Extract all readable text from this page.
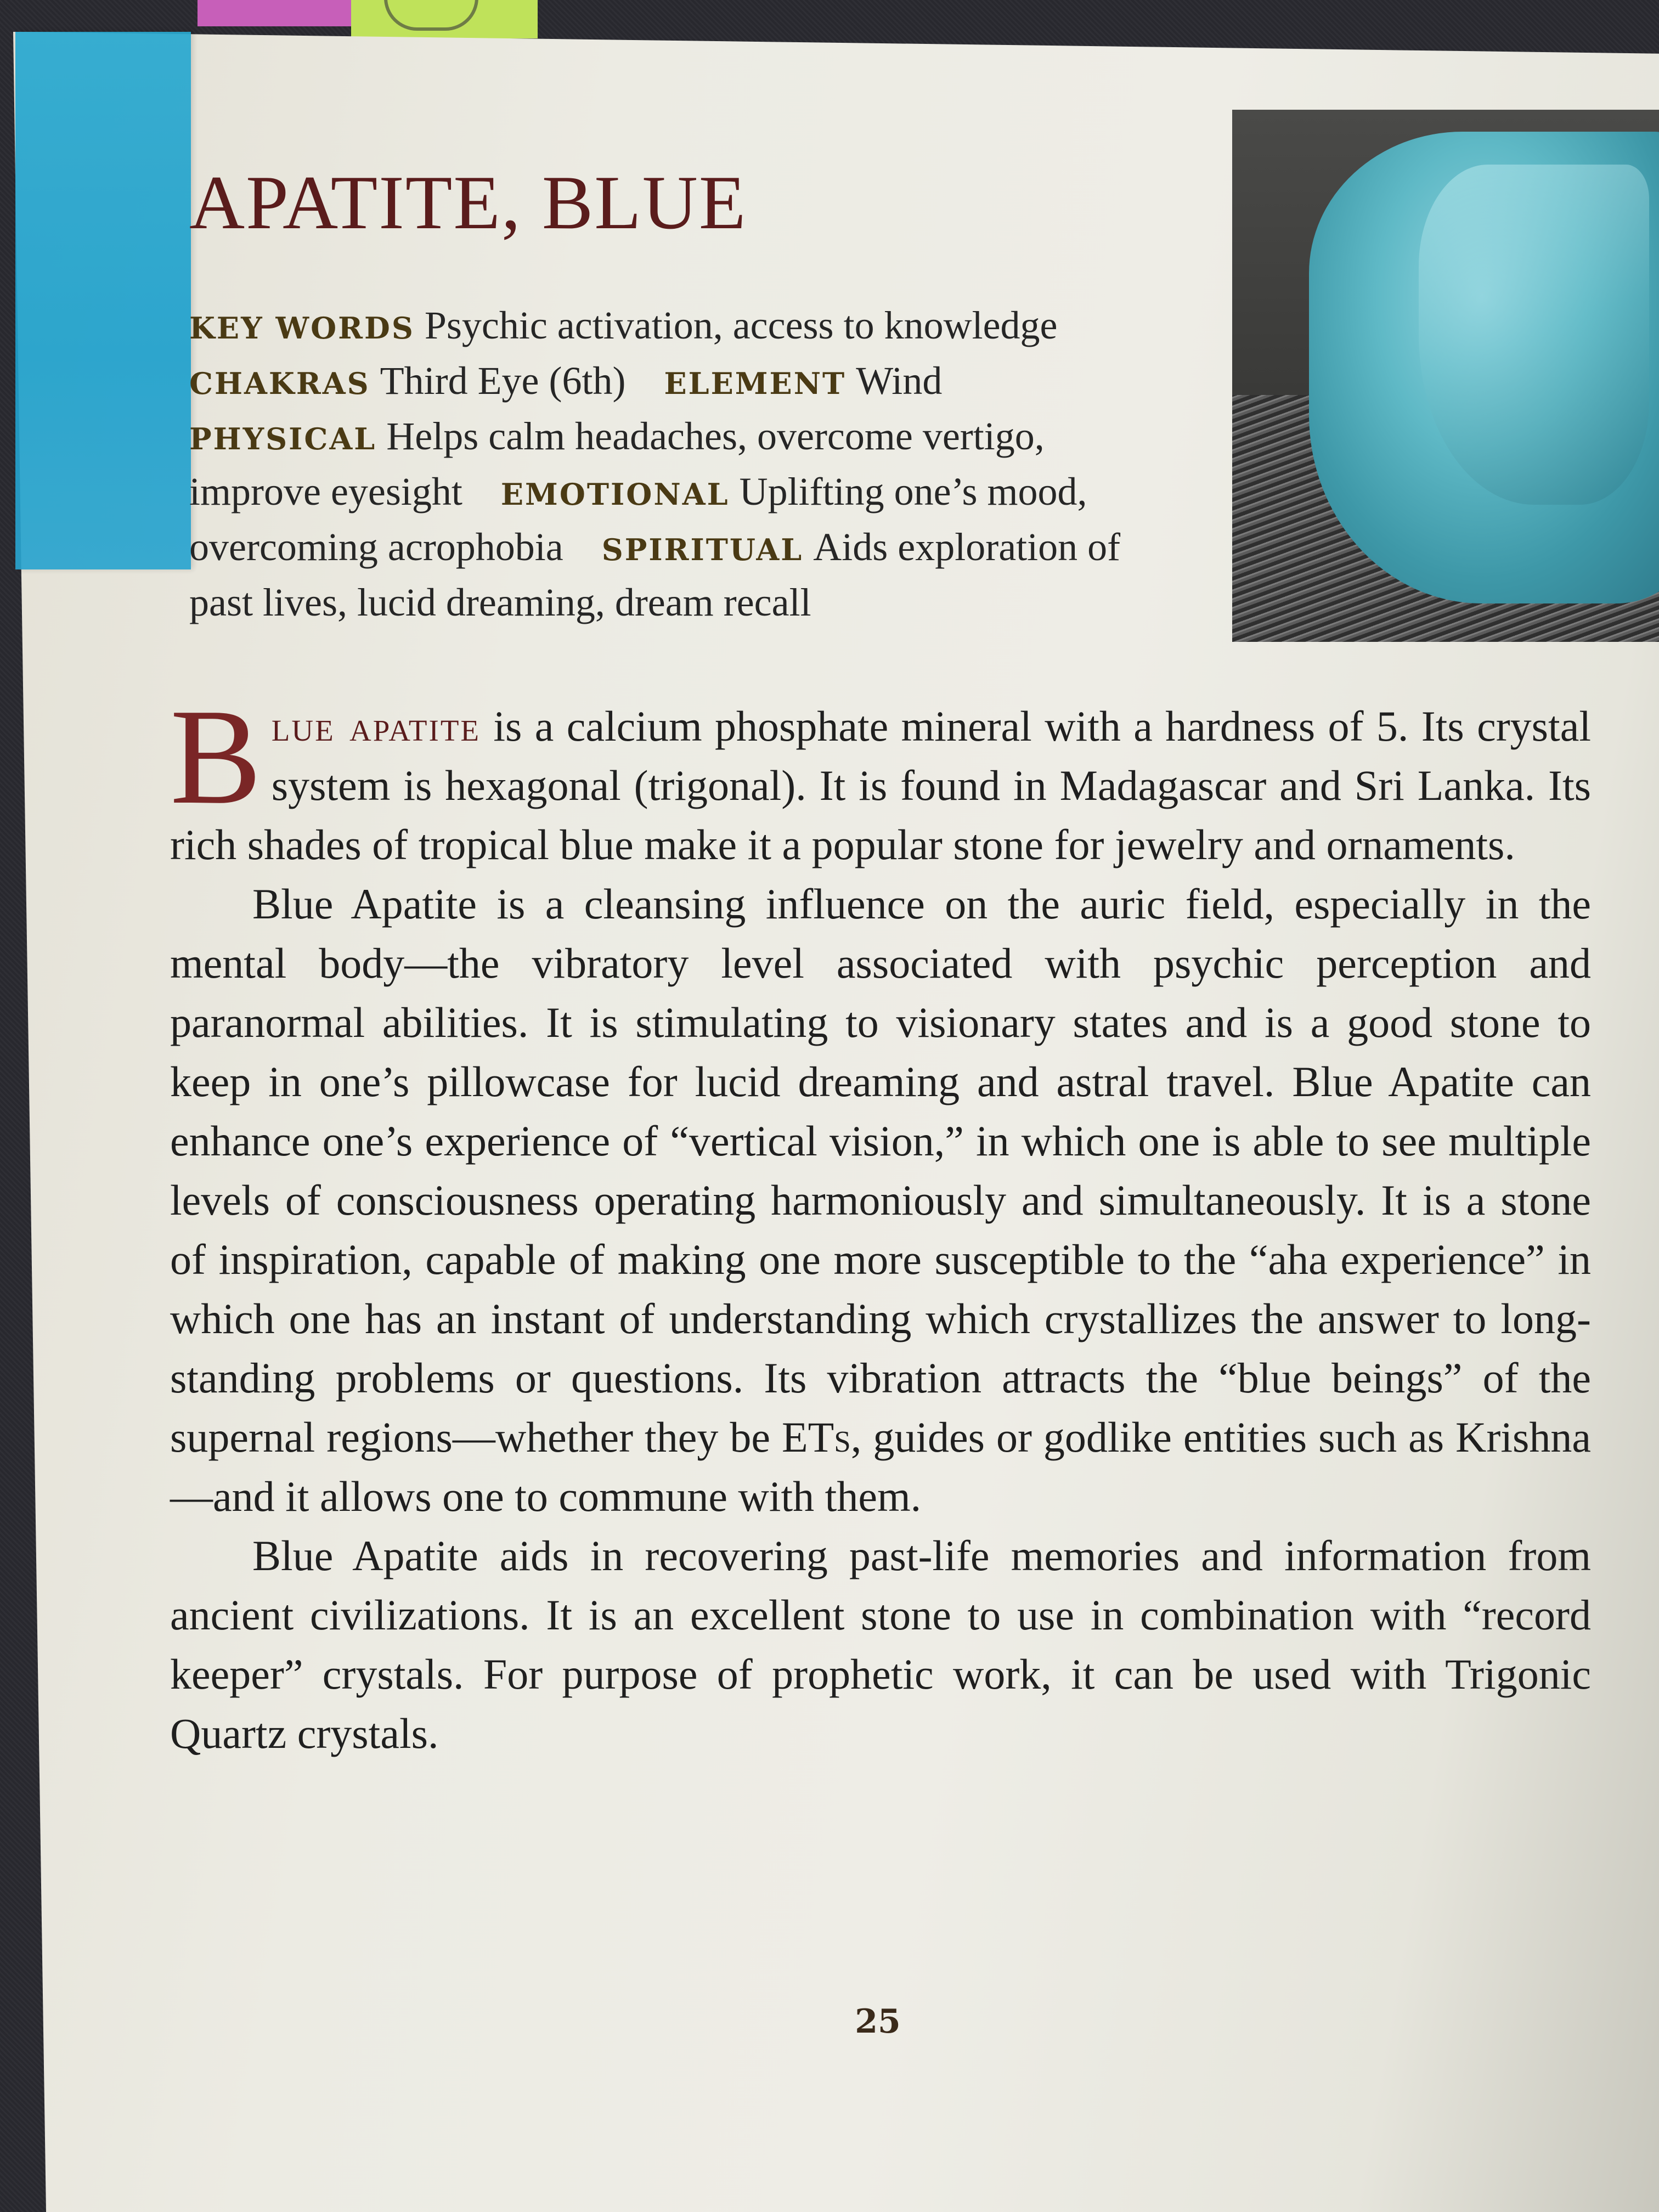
APATITE, BLUE
KEY WORDS Psychic activation, access to knowledge
CHAKRAS Third Eye (6th) ELEMENT Wind
PHYSICAL Helps calm headaches, overcome vertigo,
improve eyesight EMOTIONAL Uplifting one’s mood,
overcoming acrophobia SPIRITUAL Aids exploration of
past lives, lucid dreaming, dream recall

Blue apatite is a calcium phosphate mineral with a hardness of 5. Its crystal system is hexagonal (trigonal). It is found in Madagascar and Sri Lanka. Its rich shades of tropical blue make it a popular stone for jewelry and ornaments.

Blue Apatite is a cleansing influence on the auric field, especially in the mental body—the vibratory level associated with psychic perception and paranormal abilities. It is stimulating to visionary states and is a good stone to keep in one’s pillowcase for lucid dreaming and astral travel. Blue Apatite can enhance one’s experience of “vertical vision,” in which one is able to see multiple levels of consciousness operating harmoniously and simultaneously. It is a stone of inspiration, capable of making one more susceptible to the “aha experience” in which one has an instant of understanding which crystallizes the answer to long-standing problems or questions. Its vibration attracts the “blue beings” of the supernal regions—whether they be ETs, guides or godlike entities such as Krishna—and it allows one to commune with them.

Blue Apatite aids in recovering past-life memories and information from ancient civilizations. It is an excellent stone to use in combination with “record keeper” crystals. For purpose of prophetic work, it can be used with Trigonic Quartz crystals.

25
